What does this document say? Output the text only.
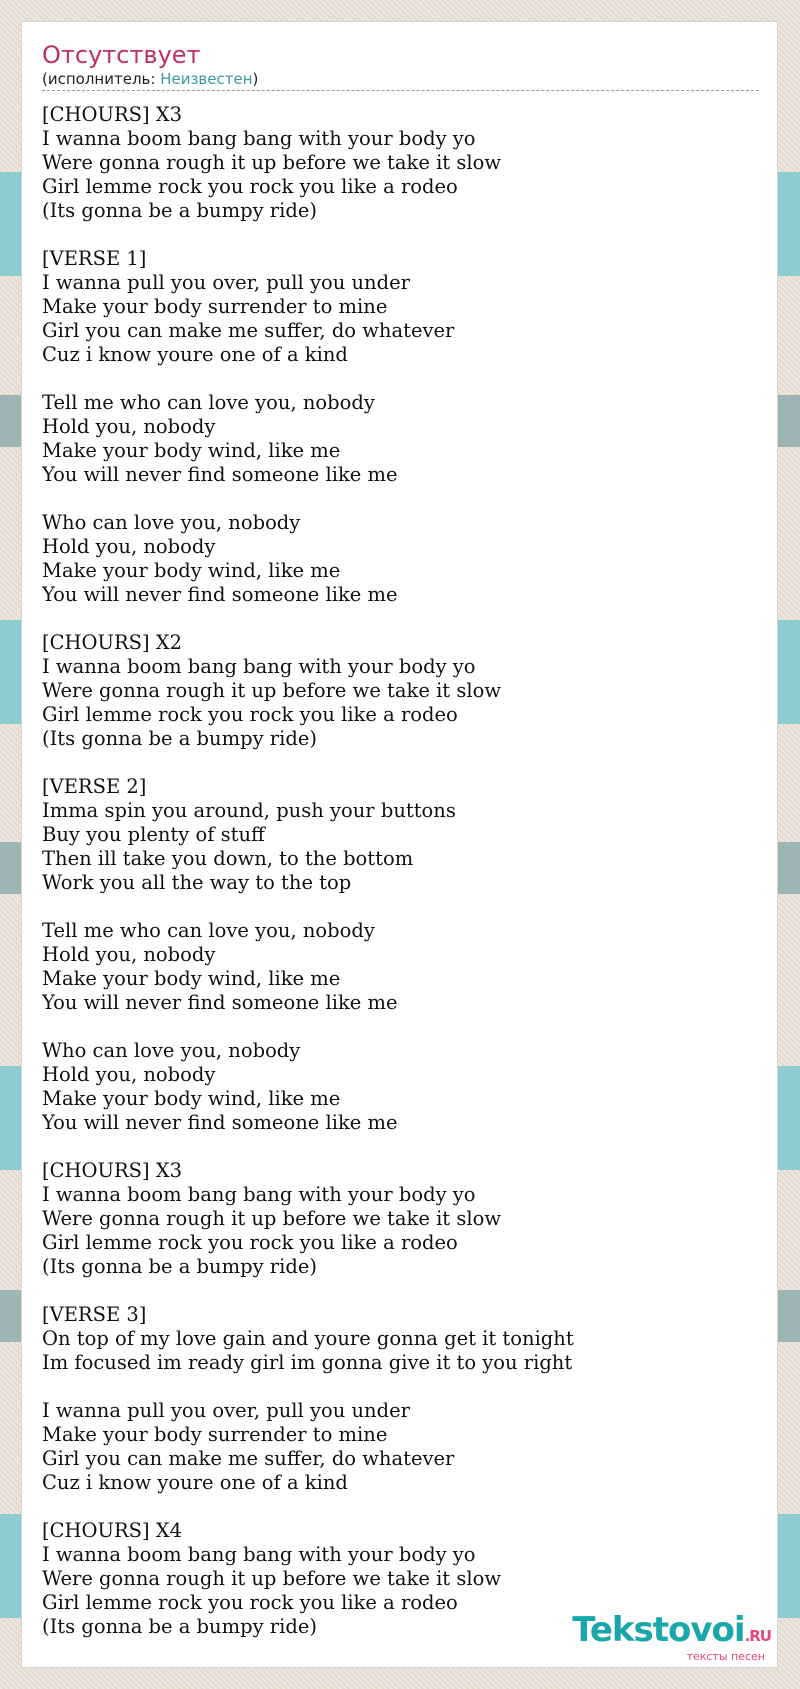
Отсутствует
(исполнитель: Неизвестен)
[CHOURS] X3
I wanna boom bang bang with your body yo
Were gonna rough it up before we take it slow
Girl lemme rock you rock you like a rodeo
(Its gonna be a bumpy ride)
[VERSE 1]
I wanna pull you over, pull you under
Make your body surrender to mine
Girl you can make me suffer, do whatever
Cuz i know youre one of a kind
Tell me who can love you, nobody
Hold you, nobody
Make your body wind, like me
You will never find someone like me
Who can love you, nobody
Hold you, nobody
Make your body wind, like me
You will never find someone like me
[CHOURS] X2
I wanna boom bang bang with your body yo
Were gonna rough it up before we take it slow
Girl lemme rock you rock you like a rodeo
(Its gonna be a bumpy ride)
[VERSE 2]
Imma spin you around, push your buttons
Buy you plenty of stuff
Then ill take you down, to the bottom
Work you all the way to the top
Tell me who can love you, nobody
Hold you, nobody
Make your body wind, like me
You will never find someone like me
Who can love you, nobody
Hold you, nobody
Make your body wind, like me
You will never find someone like me
[CHOURS] X3
I wanna boom bang bang with your body yo
Were gonna rough it up before we take it slow
Girl lemme rock you rock you like a rodeo
(Its gonna be a bumpy ride)
[VERSE 3]
On top of my love gain and youre gonna get it tonight
Im focused im ready girl im gonna give it to you right
I wanna pull you over, pull you under
Make your body surrender to mine
Girl you can make me suffer, do whatever
Cuz i know youre one of a kind
[CHOURS] X4
I wanna boom bang bang with your body yo
Were gonna rough it up before we take it slow
Girl lemme rock you rock you like a rodeo
(Its gonna be a bumpy ride)	Tekstovoi.RU
тексты песен
